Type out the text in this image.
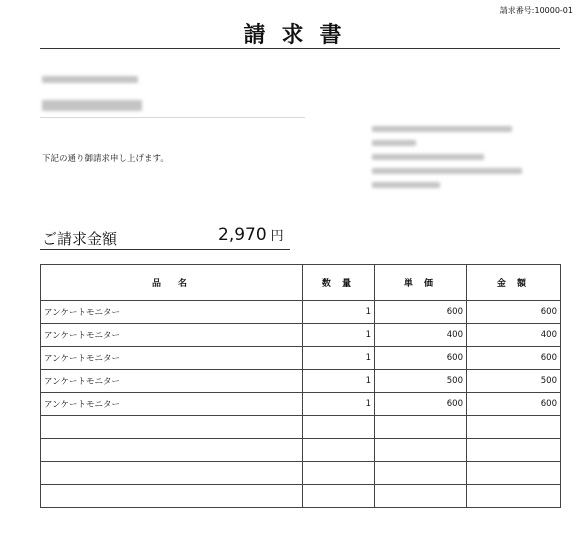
請求番号:10000-01
請求書
下記の通り御請求申し上げます。
ご請求金額	2,970 円
品　名	数 量	単 価	金 額
アンケートモニター	1	600	600
アンケートモニター	1	400	400
アンケートモニター	1	600	600
アンケートモニター	1	500	500
アンケートモニター	1	600	600
